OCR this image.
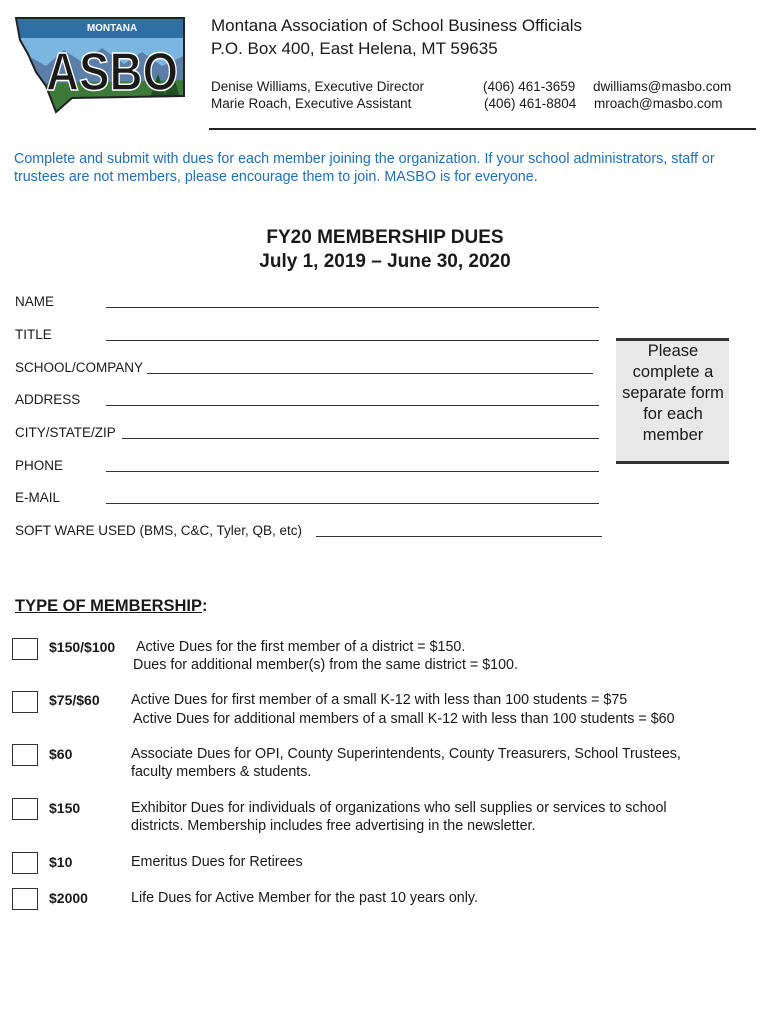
MONTANA
ASBO
Montana Association of School Business Officials
P.O. Box 400, East Helena, MT 59635
Denise Williams, Executive Director	(406) 461-3659 dwilliams@masbo.com
Marie Roach, Executive Assistant	(406) 461-8804 mroach@masbo.com
Complete and submit with dues for each member joining the organization. If your school administrators, staff or trustees are not members, please encourage them to join. MASBO is for everyone.
FY20 MEMBERSHIP DUES
July 1, 2019 – June 30, 2020
NAME
TITLE
SCHOOL/COMPANY
ADDRESS
CITY/STATE/ZIP
PHONE
E-MAIL
SOFT WARE USED (BMS, C&C, Tyler, QB, etc)
Please complete a separate form for each member
TYPE OF MEMBERSHIP:
$150/$100 Active Dues for the first member of a district = $150.
Dues for additional member(s) from the same district = $100.
$75/$60 Active Dues for first member of a small K-12 with less than 100 students = $75
Active Dues for additional members of a small K-12 with less than 100 students = $60
$60	Associate Dues for OPI, County Superintendents, County Treasurers, School Trustees,
faculty members & students.
$150	Exhibitor Dues for individuals of organizations who sell supplies or services to school
districts. Membership includes free advertising in the newsletter.
$10	Emeritus Dues for Retirees
$2000	Life Dues for Active Member for the past 10 years only.
